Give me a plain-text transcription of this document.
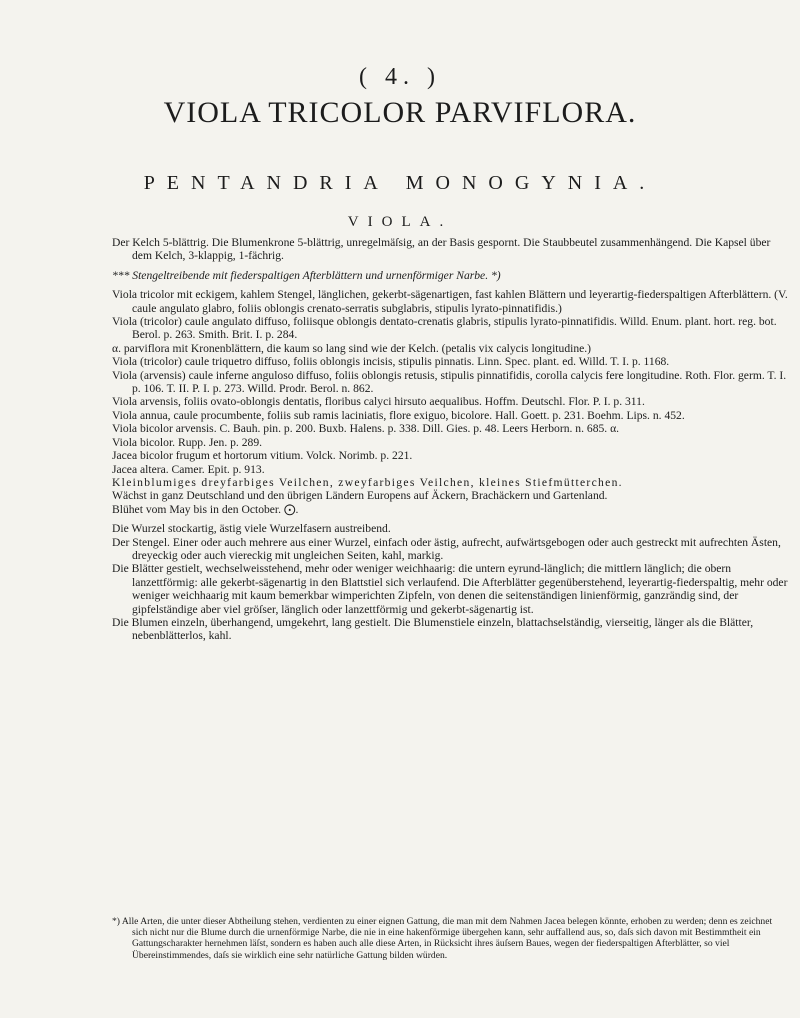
( 4. )
VIOLA TRICOLOR PARVIFLORA.
PENTANDRIA MONOGYNIA.
VIOLA.

Der Kelch 5-blättrig. Die Blumenkrone 5-blättrig, unregelmäſsig, an der Basis gespornt. Die Staubbeutel zusammenhängend. Die Kapsel über dem Kelch, 3-klappig, 1-fächrig.

*** Stengeltreibende mit fiederspaltigen Afterblättern und urnenförmiger Narbe. *)

Viola tricolor mit eckigem, kahlem Stengel, länglichen, gekerbt-sägenartigen, fast kahlen Blättern und leyerartig-fiederspaltigen Afterblättern. (V. caule angulato glabro, foliis oblongis crenato-serratis subglabris, stipulis lyrato-pinnatifidis.)

Viola (tricolor) caule angulato diffuso, foliisque oblongis dentato-crenatis glabris, stipulis lyrato-pinnatifidis. Willd. Enum. plant. hort. reg. bot. Berol. p. 263. Smith. Brit. I. p. 284.

α. parviflora mit Kronenblättern, die kaum so lang sind wie der Kelch. (petalis vix calycis longitudine.)

Viola (tricolor) caule triquetro diffuso, foliis oblongis incisis, stipulis pinnatis. Linn. Spec. plant. ed. Willd. T. I. p. 1168.

Viola (arvensis) caule inferne anguloso diffuso, foliis oblongis retusis, stipulis pinnatifidis, corolla calycis fere longitudine. Roth. Flor. germ. T. I. p. 106. T. II. P. I. p. 273. Willd. Prodr. Berol. n. 862.

Viola arvensis, foliis ovato-oblongis dentatis, floribus calyci hirsuto aequalibus. Hoffm. Deutschl. Flor. P. I. p. 311.

Viola annua, caule procumbente, foliis sub ramis laciniatis, flore exiguo, bicolore. Hall. Goett. p. 231. Boehm. Lips. n. 452.

Viola bicolor arvensis. C. Bauh. pin. p. 200. Buxb. Halens. p. 338. Dill. Gies. p. 48. Leers Herborn. n. 685. α.

Viola bicolor. Rupp. Jen. p. 289.

Jacea bicolor frugum et hortorum vitium. Volck. Norimb. p. 221.

Jacea altera. Camer. Epit. p. 913.

Kleinblumiges dreyfarbiges Veilchen, zweyfarbiges Veilchen, kleines Stiefmütterchen.

Wächst in ganz Deutschland und den übrigen Ländern Europens auf Äckern, Brachäckern und Gartenland.

Blühet vom May bis in den October. ⨀.

Die Wurzel stockartig, ästig viele Wurzelfasern austreibend.

Der Stengel. Einer oder auch mehrere aus einer Wurzel, einfach oder ästig, aufrecht, aufwärtsgebogen oder auch gestreckt mit aufrechten Ästen, dreyeckig oder auch viereckig mit ungleichen Seiten, kahl, markig.

Die Blätter gestielt, wechselweisstehend, mehr oder weniger weichhaarig: die untern eyrund-länglich; die mittlern länglich; die obern lanzettförmig: alle gekerbt-sägenartig in den Blattstiel sich verlaufend. Die Afterblätter gegenüberstehend, leyerartig-fiederspaltig, mehr oder weniger weichhaarig mit kaum bemerkbar wimperichten Zipfeln, von denen die seitenständigen linienförmig, ganzrändig sind, der gipfelständige aber viel gröſser, länglich oder lanzettförmig und gekerbt-sägenartig ist.

Die Blumen einzeln, überhangend, umgekehrt, lang gestielt. Die Blumenstiele einzeln, blattachselständig, vierseitig, länger als die Blätter, nebenblätterlos, kahl.

*) Alle Arten, die unter dieser Abtheilung stehen, verdienten zu einer eignen Gattung, die man mit dem Nahmen Jacea belegen könnte, erhoben zu werden; denn es zeichnet sich nicht nur die Blume durch die urnenförmige Narbe, die nie in eine hakenförmige übergehen kann, sehr auffallend aus, so, daſs sich davon mit Bestimmtheit ein Gattungscharakter hernehmen läſst, sondern es haben auch alle diese Arten, in Rücksicht ihres äuſsern Baues, wegen der fiederspaltigen Afterblätter, so viel Übereinstimmendes, daſs sie wirklich eine sehr natürliche Gattung bilden würden.
